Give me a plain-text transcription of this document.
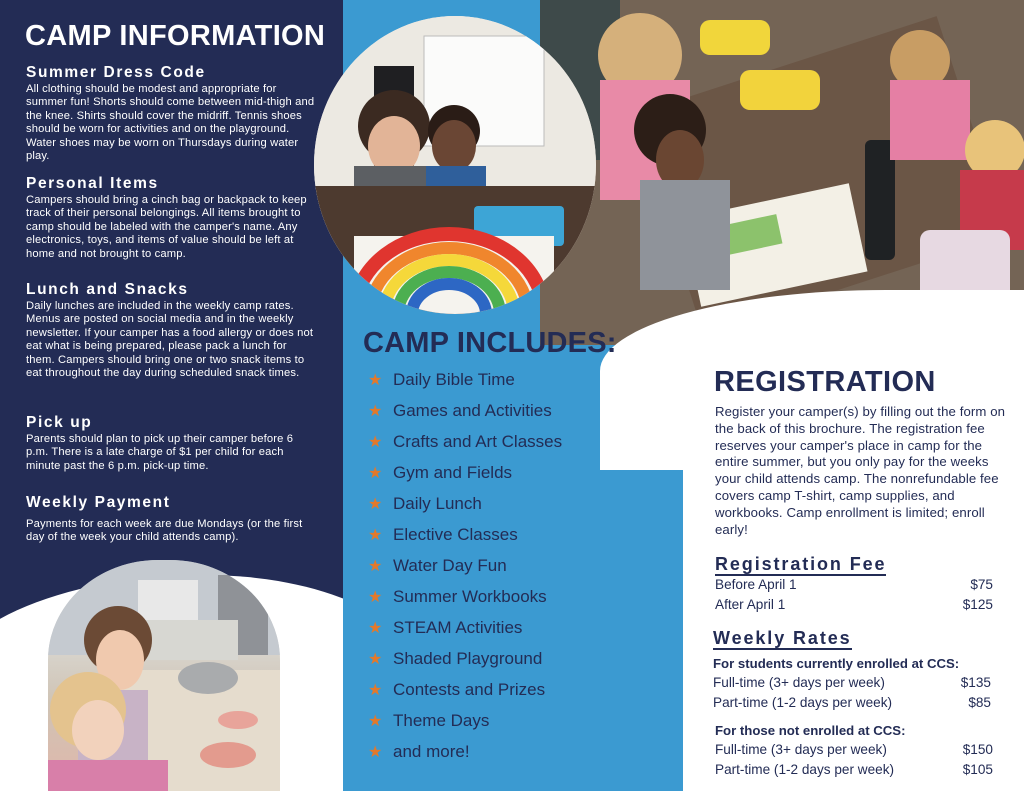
CAMP INFORMATION
Summer Dress Code
All clothing should be modest and appropriate for summer fun! Shorts should come between mid-thigh and the knee. Shirts should cover the midriff. Tennis shoes should be worn for activities and on the playground. Water shoes may be worn on Thursdays during water play.
Personal Items
Campers should bring a cinch bag or backpack to keep track of their personal belongings. All items brought to camp should be labeled with the camper's name. Any electronics, toys, and items of value should be left at home and not brought to camp.
Lunch and Snacks
Daily lunches are included in the weekly camp rates. Menus are posted on social media and in the weekly newsletter. If your camper has a food allergy or does not eat what is being prepared, please pack a lunch for them. Campers should bring one or two snack items to eat throughout the day during scheduled snack times.
Pick up
Parents should plan to pick up their camper before 6 p.m. There is a late charge of $1 per child for each minute past the 6 p.m. pick-up time.
Weekly Payment
Payments for each week are due Mondays (or the first day of the week your child attends camp).
CAMP INCLUDES:
★ Daily Bible Time
★ Games and Activities
★ Crafts and Art Classes
★ Gym and Fields
★ Daily Lunch
★ Elective Classes
★ Water Day Fun
★ Summer Workbooks
★ STEAM Activities
★ Shaded Playground
★ Contests and Prizes
★ Theme Days
★ and more!
REGISTRATION
Register your camper(s) by filling out the form on the back of this brochure. The registration fee reserves your camper's place in camp for the entire summer, but you only pay for the weeks your child attends camp. The nonrefundable fee covers camp T-shirt, camp supplies, and workbooks. Camp enrollment is limited; enroll early!
Registration Fee
Before April 1	$75
After April 1	$125
Weekly Rates
For students currently enrolled at CCS:
Full-time (3+ days per week)	$135
Part-time (1-2 days per week)	$85
For those not enrolled at CCS:
Full-time (3+ days per week)	$150
Part-time (1-2 days per week)	$105
